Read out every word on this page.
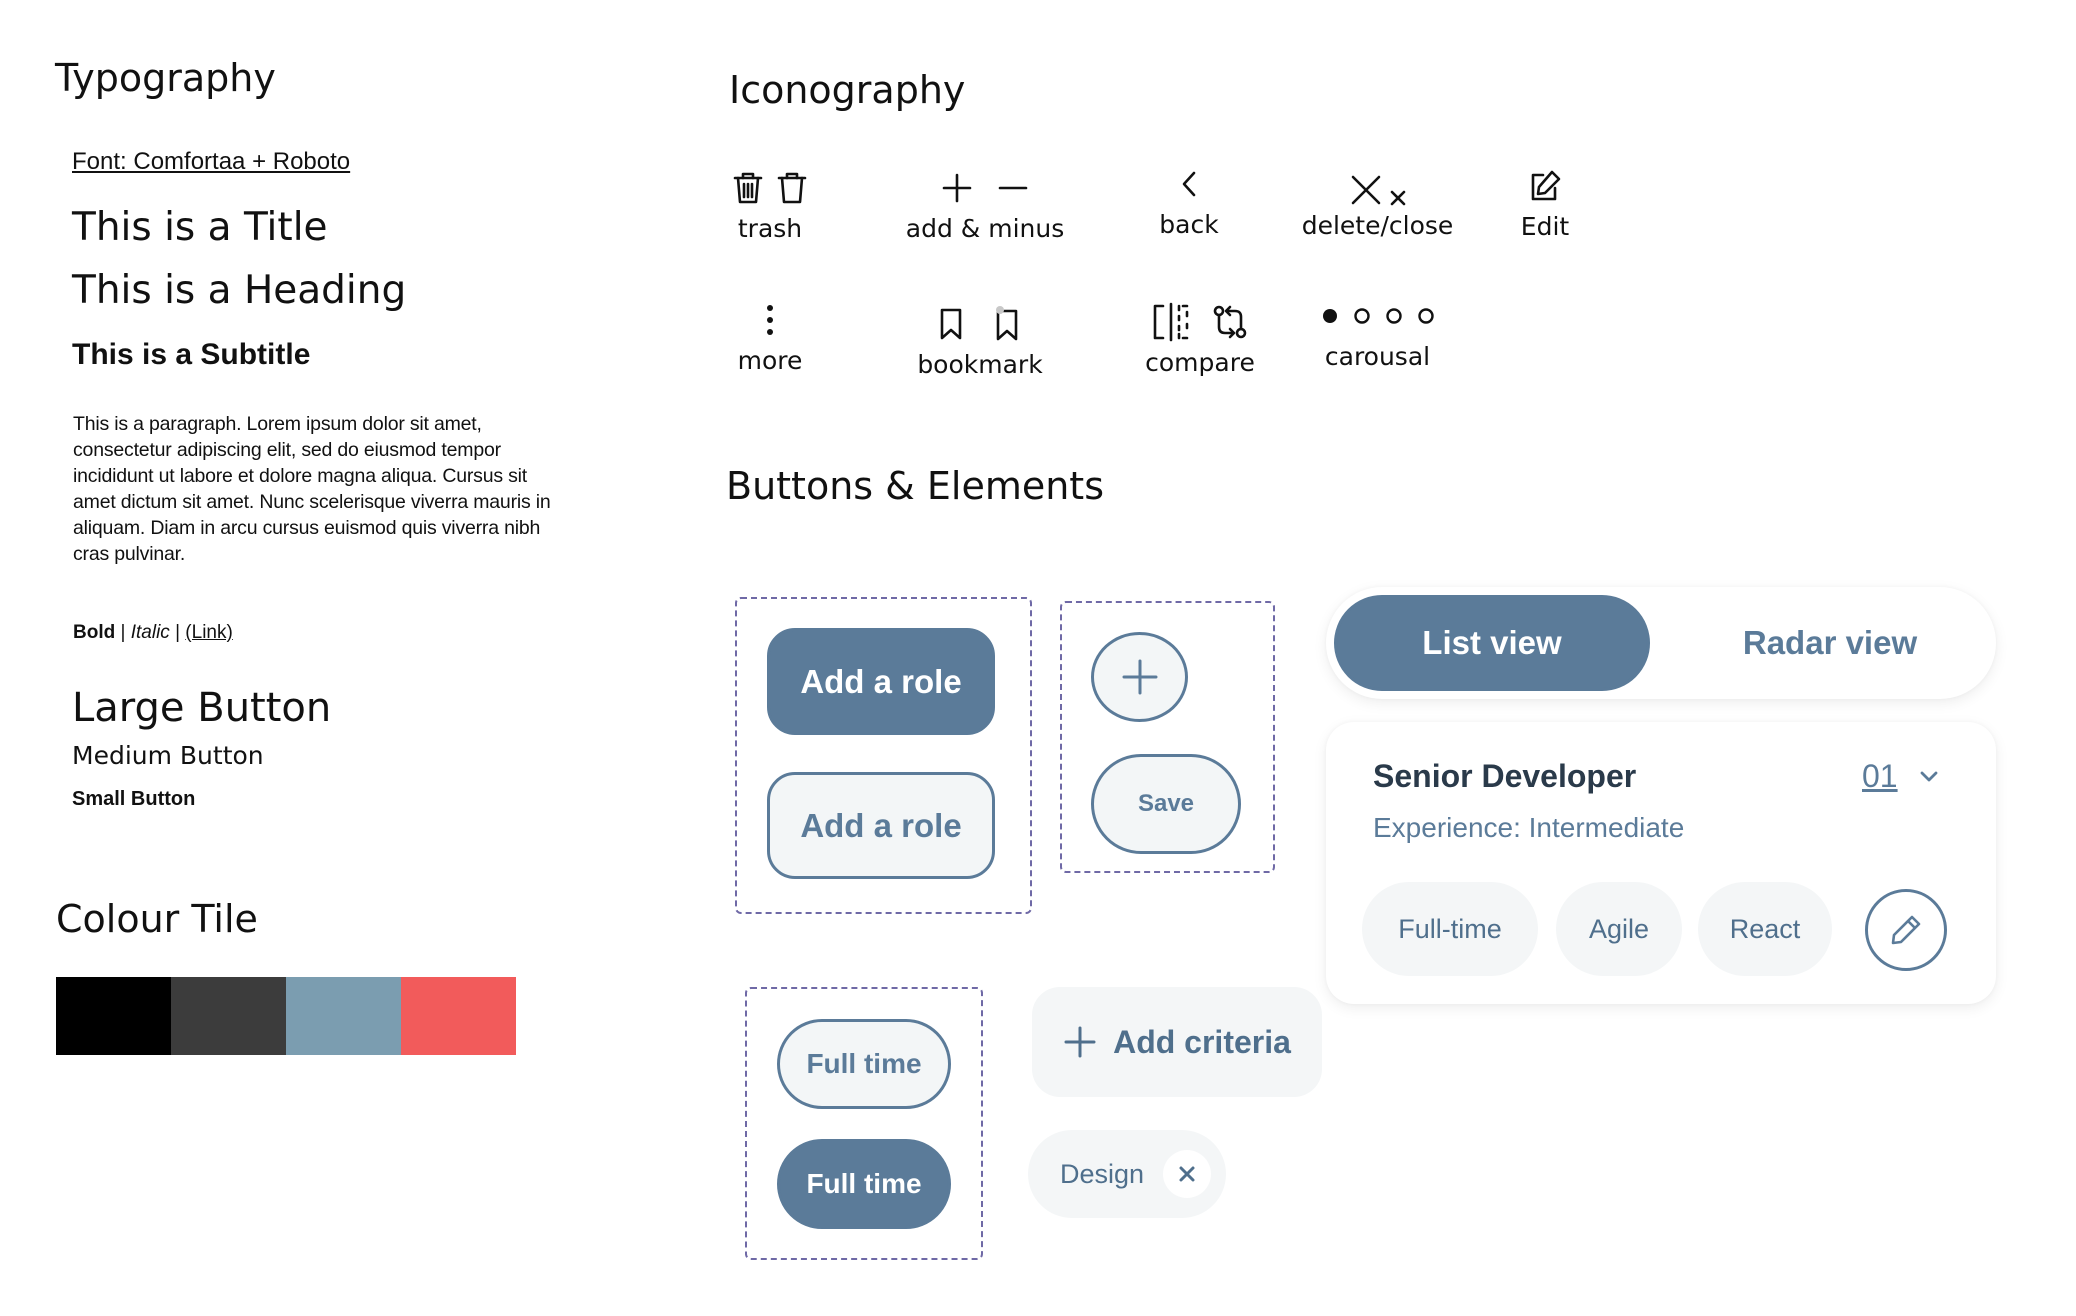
Typography
Font: Comfortaa + Roboto
This is a Title
This is a Heading
This is a Subtitle
This is a paragraph. Lorem ipsum dolor sit amet, consectetur adipiscing elit, sed do eiusmod tempor incididunt ut labore et dolore magna aliqua. Cursus sit amet dictum sit amet. Nunc scelerisque viverra mauris in aliquam. Diam in arcu cursus euismod quis viverra nibh cras pulvinar.
Bold | Italic | (Link)
Large Button
Medium Button
Small Button
Colour Tile
Iconography
trash	add & minus	back	delete/close	Edit
more	bookmark	compare	carousal
Buttons & Elements
Add a role
Add a role
Save
Full time
Full time
Add criteria
Design
List view	Radar view
Senior Developer	01
Experience: Intermediate
Full-time	Agile	React
